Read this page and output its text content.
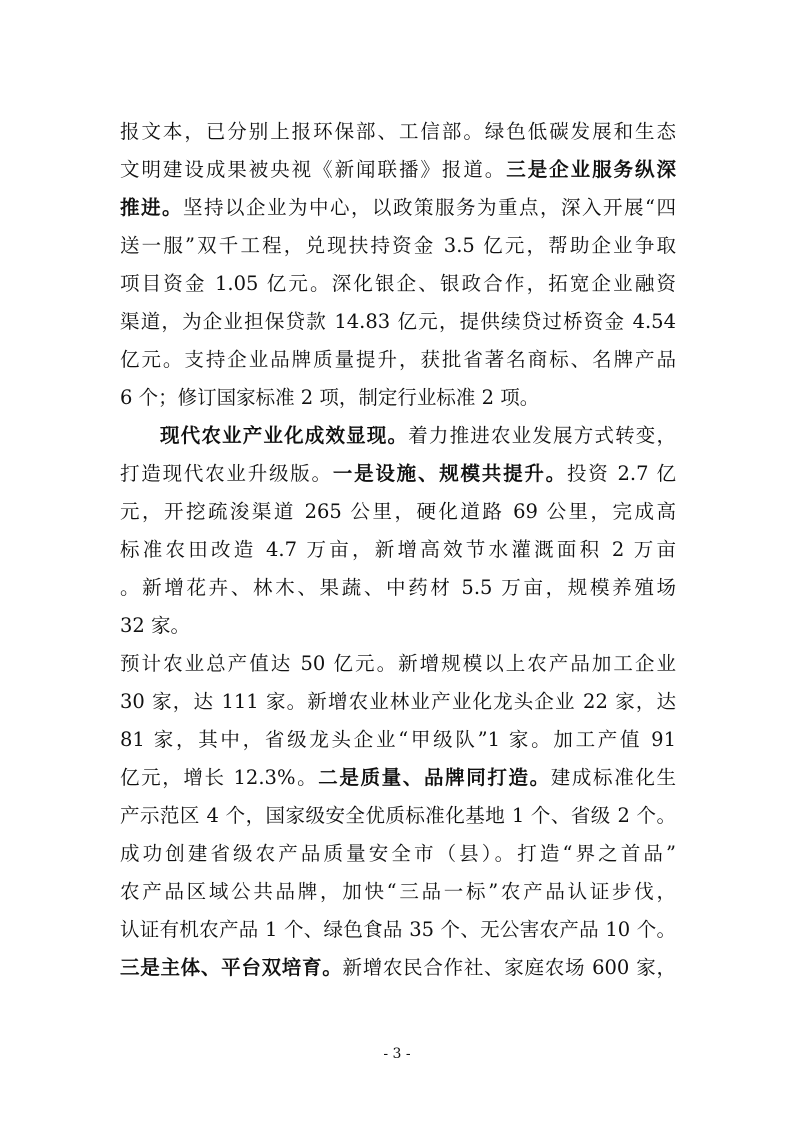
报文本，已分别上报环保部、工信部。绿色低碳发展和生态
文明建设成果被央视《新闻联播》报道。三是企业服务纵深
推进。坚持以企业为中心，以政策服务为重点，深入开展“四
送一服”双千工程，兑现扶持资金 3.5 亿元，帮助企业争取
项目资金 1.05 亿元。深化银企、银政合作，拓宽企业融资
渠道，为企业担保贷款 14.83 亿元，提供续贷过桥资金 4.54
亿元。支持企业品牌质量提升，获批省著名商标、名牌产品
6 个；修订国家标准 2 项，制定行业标准 2 项。
现代农业产业化成效显现。着力推进农业发展方式转变，
打造现代农业升级版。一是设施、规模共提升。投资 2.7 亿
元，开挖疏浚渠道 265 公里，硬化道路 69 公里，完成高
标准农田改造 4.7 万亩，新增高效节水灌溉面积 2 万亩
。新增花卉、林木、果蔬、中药材 5.5 万亩，规模养殖场
32 家。
预计农业总产值达 50 亿元。新增规模以上农产品加工企业
30 家，达 111 家。新增农业林业产业化龙头企业 22 家，达
81 家，其中，省级龙头企业“甲级队”1 家。加工产值 91
亿元，增长 12.3%。二是质量、品牌同打造。建成标准化生
产示范区 4 个，国家级安全优质标准化基地 1 个、省级 2 个。
成功创建省级农产品质量安全市（县）。打造“界之首品”
农产品区域公共品牌，加快“三品一标”农产品认证步伐，
认证有机农产品 1 个、绿色食品 35 个、无公害农产品 10 个。
三是主体、平台双培育。新增农民合作社、家庭农场 600 家，
- 3 -
